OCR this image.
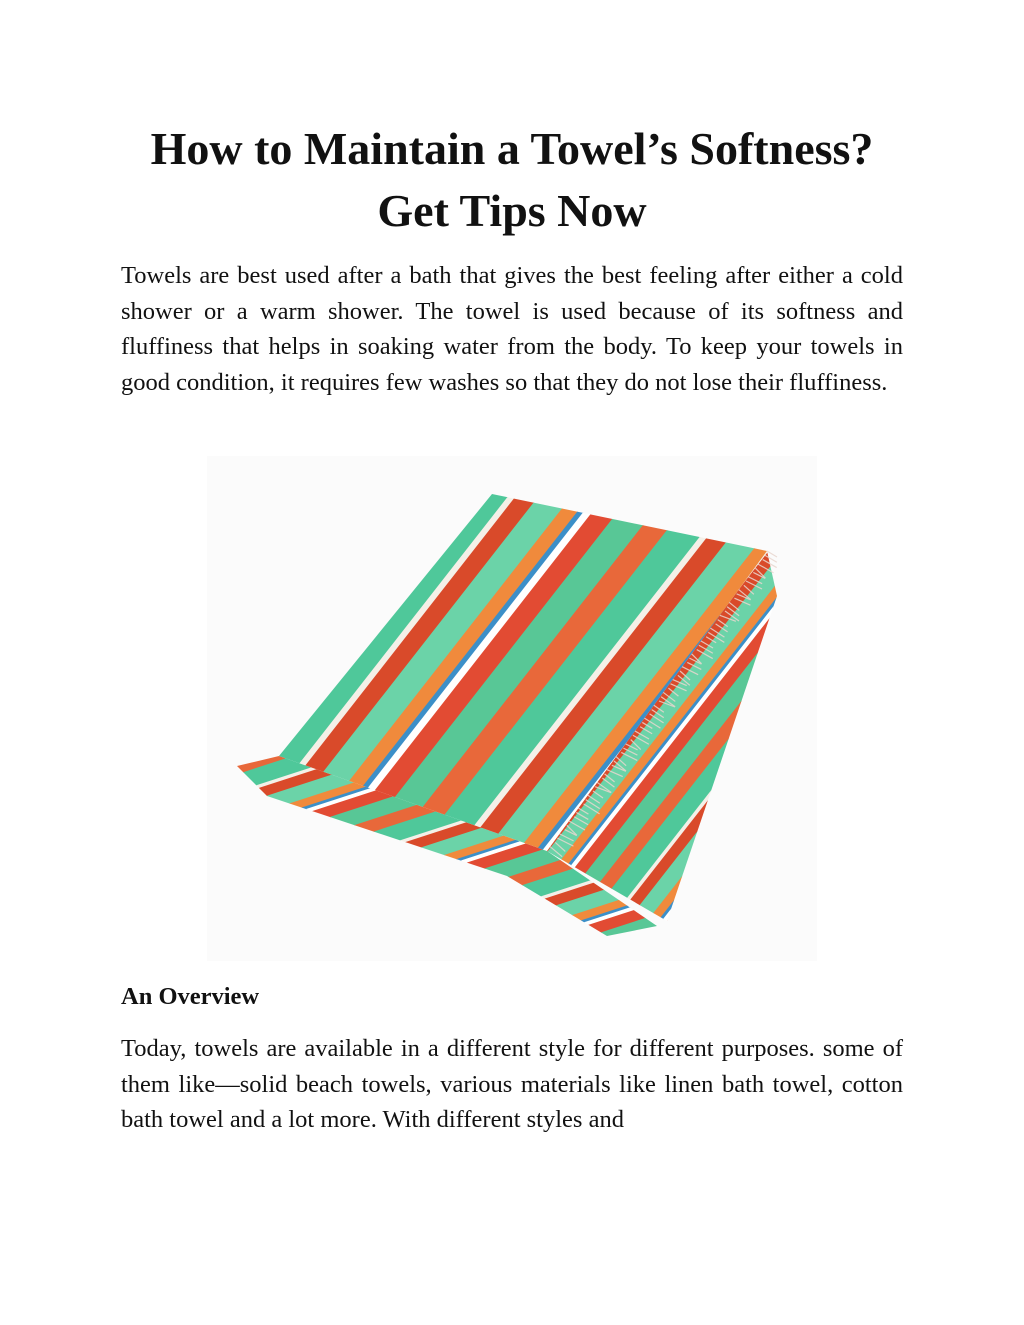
How to Maintain a Towel’s Softness?
Get Tips Now

Towels are best used after a bath that gives the best feeling after either a cold shower or a warm shower. The towel is used because of its softness and fluffiness that helps in soaking water from the body. To keep your towels in good condition, it requires few washes so that they do not lose their fluffiness.

An Overview

Today, towels are available in a different style for different purposes. some of them like—solid beach towels, various materials like linen bath towel, cotton bath towel and a lot more. With different styles and
